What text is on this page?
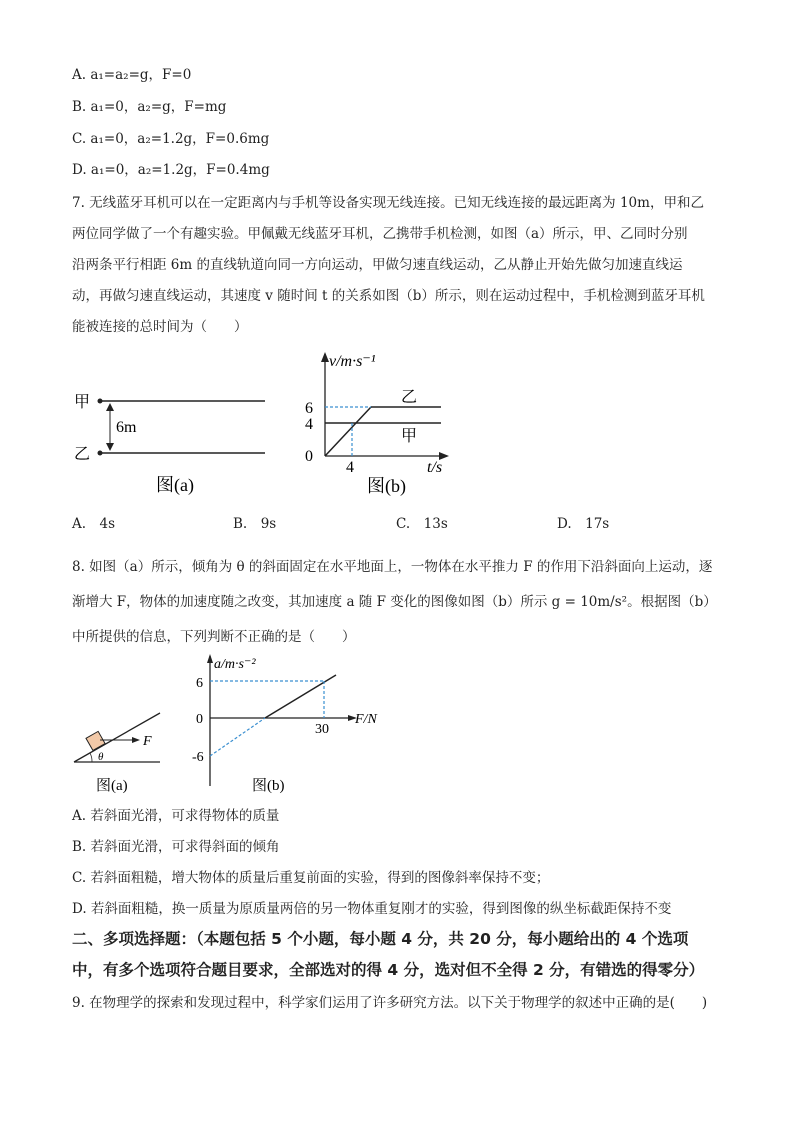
A. a₁=a₂=g，F=0
B. a₁=0，a₂=g，F=mg
C. a₁=0，a₂=1.2g，F=0.6mg
D. a₁=0，a₂=1.2g，F=0.4mg
7. 无线蓝牙耳机可以在一定距离内与手机等设备实现无线连接。已知无线连接的最远距离为 10m，甲和乙
两位同学做了一个有趣实验。甲佩戴无线蓝牙耳机，乙携带手机检测，如图（a）所示，甲、乙同时分别
沿两条平行相距 6m 的直线轨道向同一方向运动，甲做匀速直线运动，乙从静止开始先做匀加速直线运
动，再做匀速直线运动，其速度 v 随时间 t 的关系如图（b）所示，则在运动过程中，手机检测到蓝牙耳机
能被连接的总时间为（　　）
甲
乙
6m
图(a)
v/m·s⁻¹
6
4
0
4	t/s
乙
甲
图(b)
A.　4s	B.　9s	C.　13s	D.　17s
8. 如图（a）所示，倾角为 θ 的斜面固定在水平地面上，一物体在水平推力 F 的作用下沿斜面向上运动，逐
渐增大 F，物体的加速度随之改变，其加速度 a 随 F 变化的图像如图（b）所示 g = 10m/s²。根据图（b）
中所提供的信息，下列判断不正确的是（　　）
F
θ
图(a)
a/m·s⁻²
6
0
-6
30
F/N
图(b)
A. 若斜面光滑，可求得物体的质量
B. 若斜面光滑，可求得斜面的倾角
C. 若斜面粗糙，增大物体的质量后重复前面的实验，得到的图像斜率保持不变；
D. 若斜面粗糙，换一质量为原质量两倍的另一物体重复刚才的实验，得到图像的纵坐标截距保持不变
二、多项选择题：（本题包括 5 个小题，每小题 4 分，共 20 分，每小题给出的 4 个选项
中，有多个选项符合题目要求，全部选对的得 4 分，选对但不全得 2 分，有错选的得零分）
9. 在物理学的探索和发现过程中，科学家们运用了许多研究方法。以下关于物理学的叙述中正确的是(　　)
